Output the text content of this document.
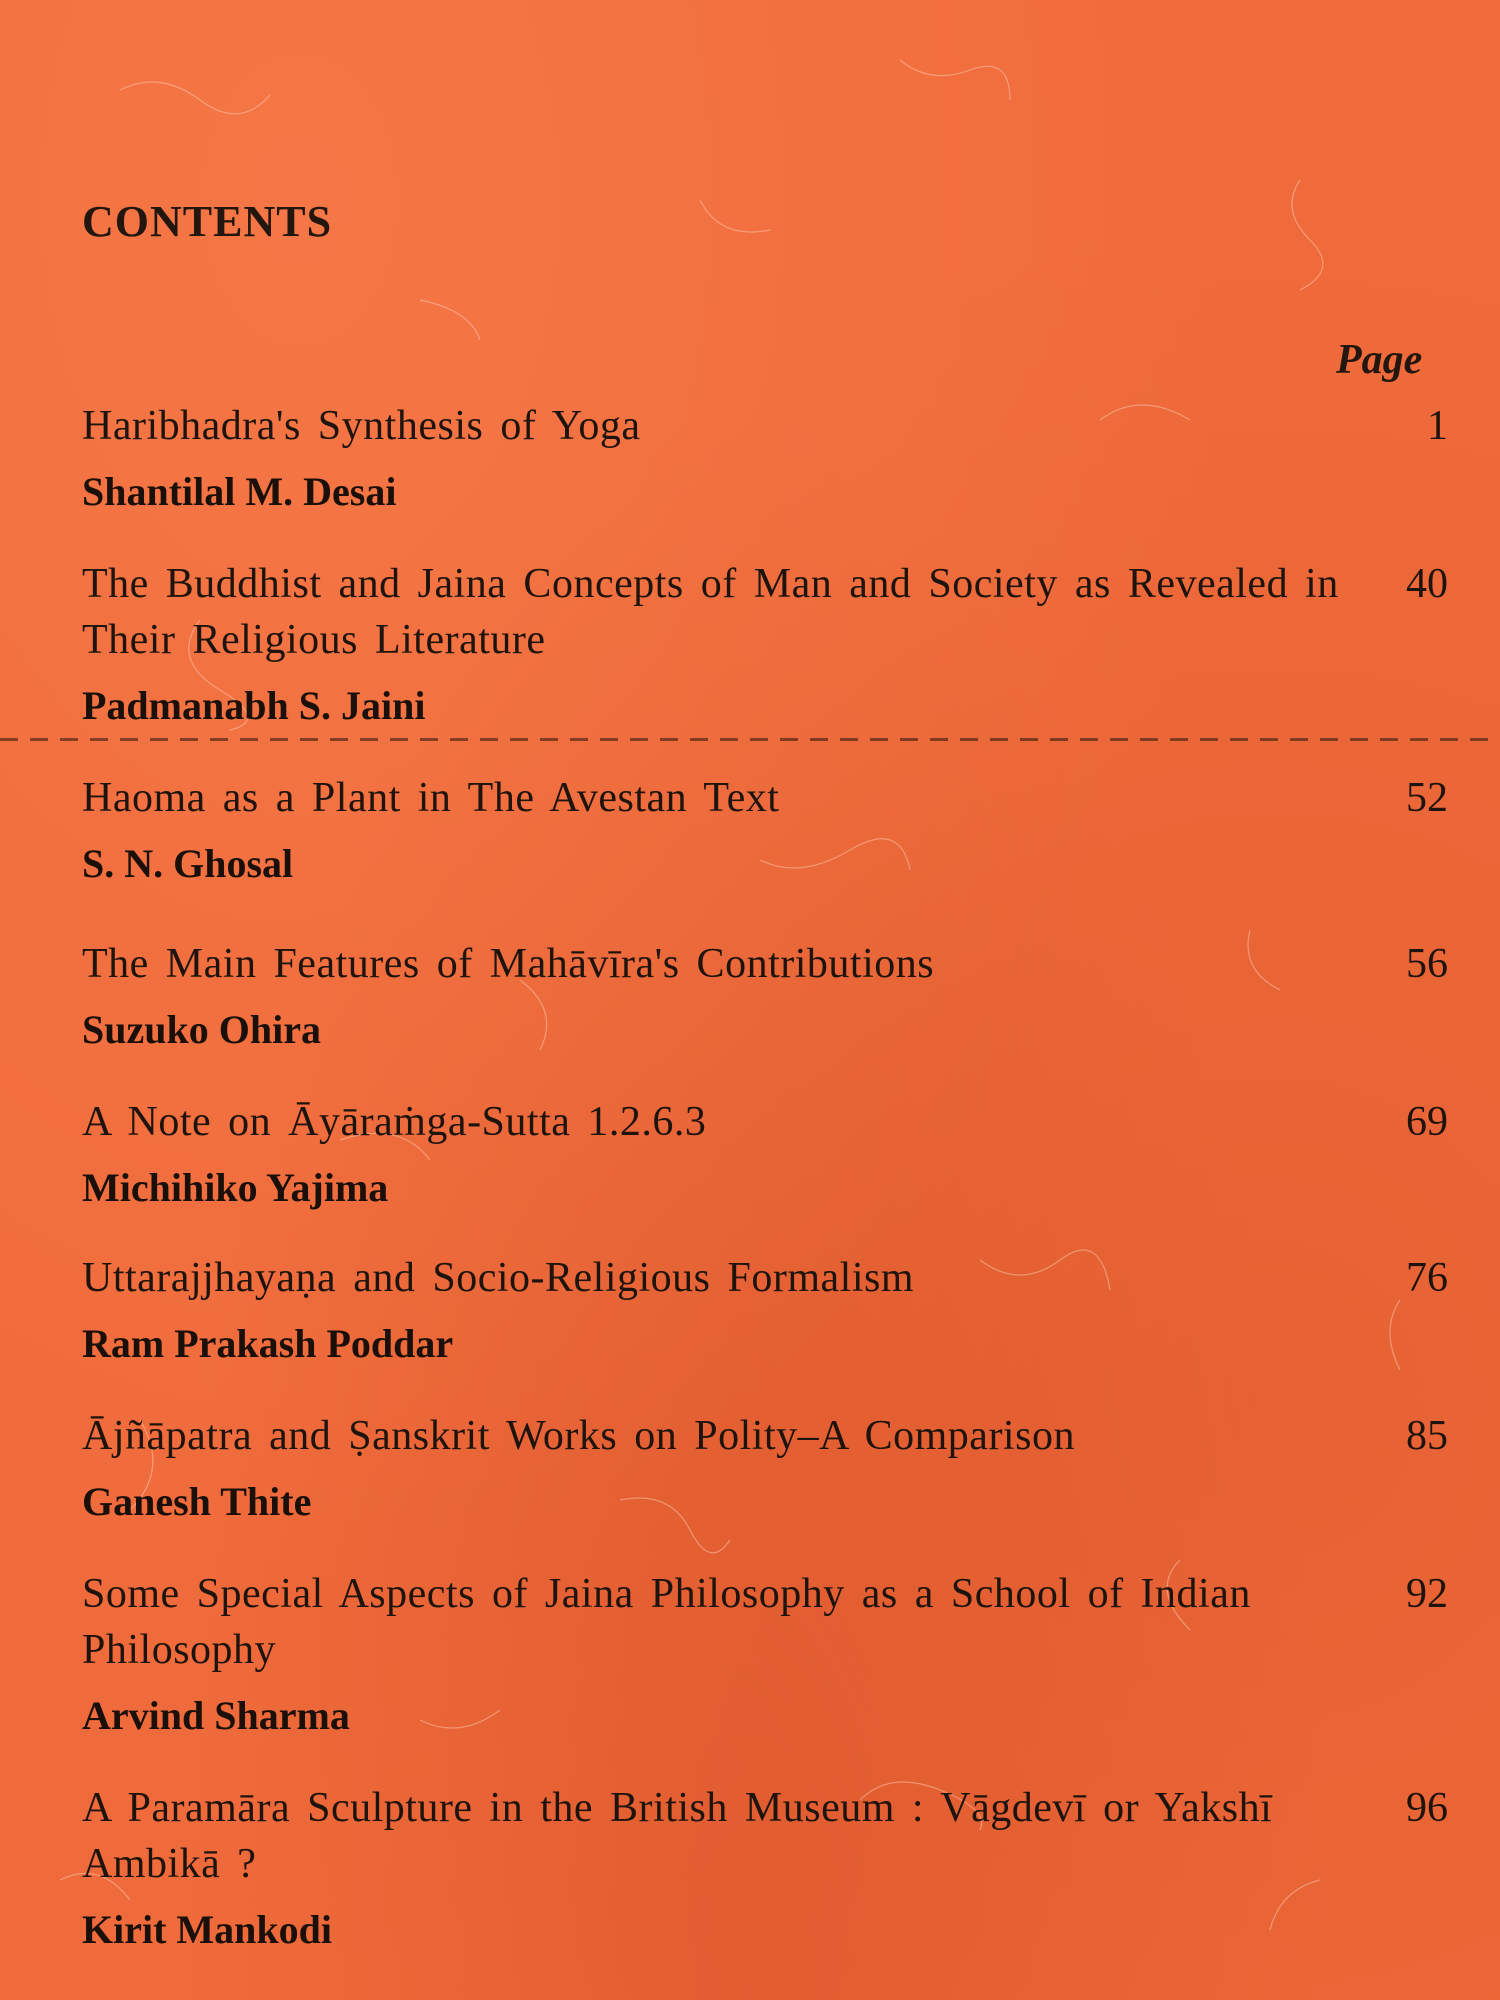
CONTENTS
Page
Haribhadra's Synthesis of Yoga
Shantilal M. Desai
1
The Buddhist and Jaina Concepts of Man and Society as Revealed in Their Religious Literature
Padmanabh S. Jaini
40
Haoma as a Plant in The Avestan Text
S. N. Ghosal
52
The Main Features of Mahāvīra's Contributions
Suzuko Ohira
56
A Note on Āyāraṁga-Sutta 1.2.6.3
Michihiko Yajima
69
Uttarajjhayaṇa and Socio-Religious Formalism
Ram Prakash Poddar
76
Ājñāpatra and Ṣanskrit Works on Polity–A Comparison
Ganesh Thite
85
Some Special Aspects of Jaina Philosophy as a School of Indian Philosophy
Arvind Sharma
92
A Paramāra Sculpture in the British Museum : Vāgdevī or Yakshī Ambikā ?
Kirit Mankodi
96
